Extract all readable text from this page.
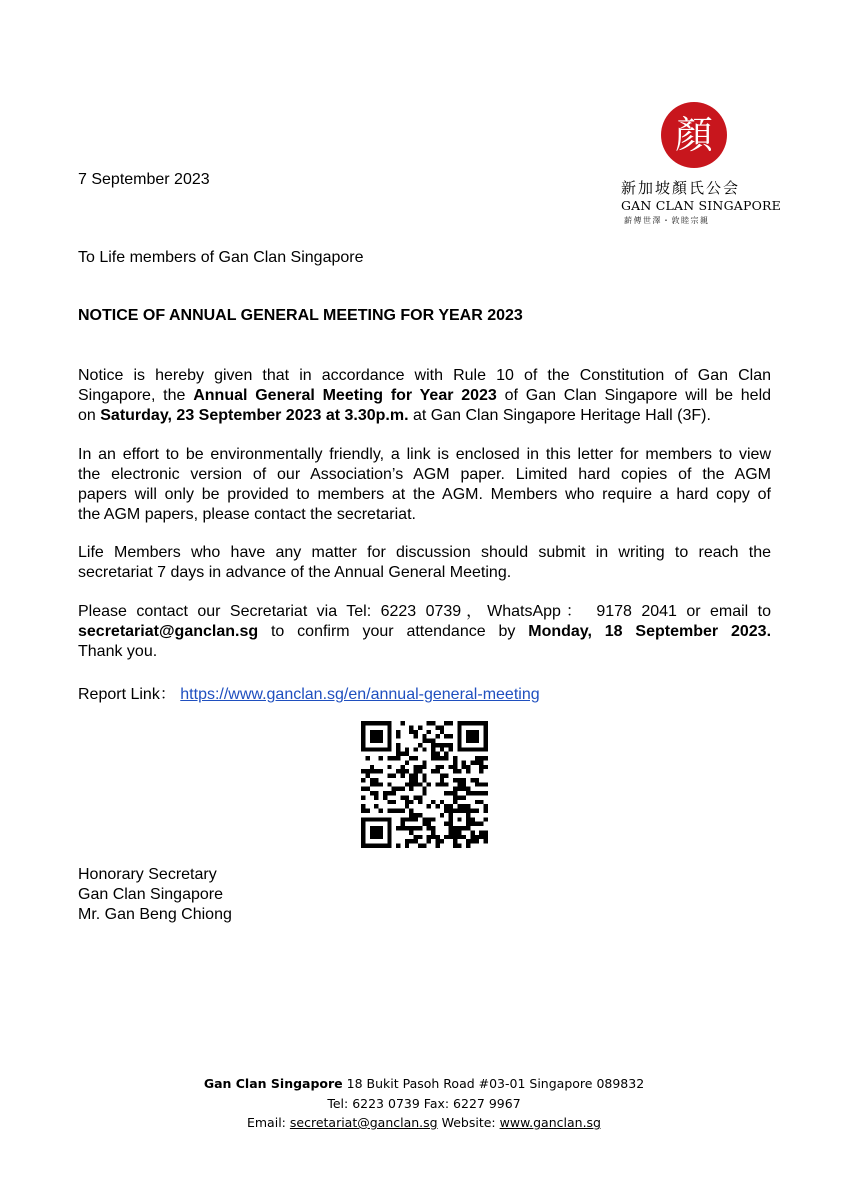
顏
新加坡顏氏公会
GAN CLAN SINGAPORE
薪傳世澤・敦睦宗親
7 September 2023
To Life members of Gan Clan Singapore
NOTICE OF ANNUAL GENERAL MEETING FOR YEAR 2023
Notice is hereby given that in accordance with Rule 10 of the Constitution of Gan Clan
Singapore, the Annual General Meeting for Year 2023 of Gan Clan Singapore will be held
on Saturday, 23 September 2023 at 3.30p.m. at Gan Clan Singapore Heritage Hall (3F).
In an effort to be environmentally friendly, a link is enclosed in this letter for members to view
the electronic version of our Association’s AGM paper. Limited hard copies of the AGM
papers will only be provided to members at the AGM. Members who require a hard copy of
the AGM papers, please contact the secretariat.
Life Members who have any matter for discussion should submit in writing to reach the
secretariat 7 days in advance of the Annual General Meeting.
Please contact our Secretariat via Tel: 6223 0739，WhatsApp： 9178 2041 or email to
secretariat@ganclan.sg to confirm your attendance by Monday, 18 September 2023.
Thank you.
Report Link： https://www.ganclan.sg/en/annual-general-meeting
Honorary Secretary
Gan Clan Singapore
Mr. Gan Beng Chiong
Gan Clan Singapore 18 Bukit Pasoh Road #03-01 Singapore 089832
Tel: 6223 0739 Fax: 6227 9967
Email: secretariat@ganclan.sg Website: www.ganclan.sg
